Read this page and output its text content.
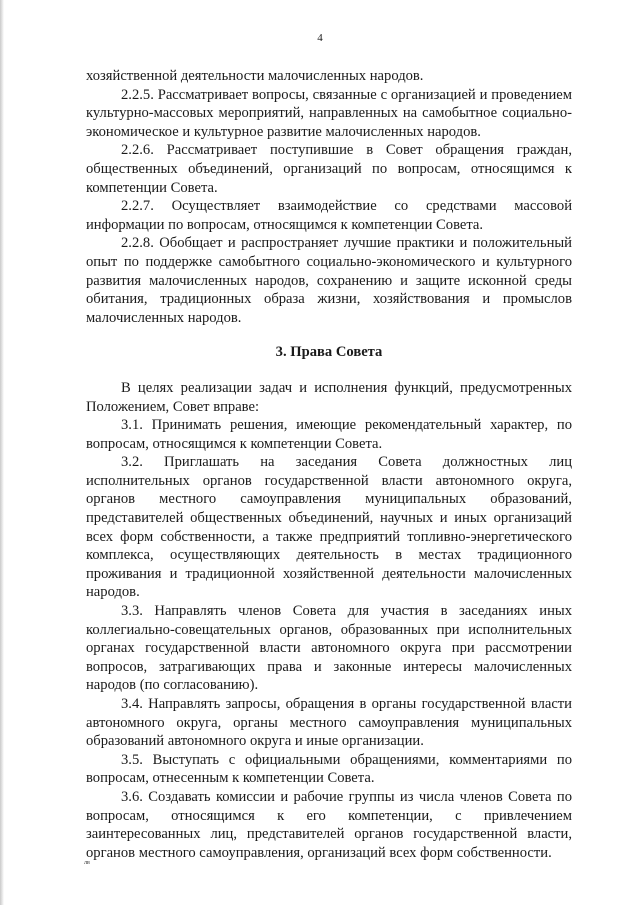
4

хозяйственной деятельности малочисленных народов.

2.2.5. Рассматривает вопросы, связанные с организацией и проведением культурно-массовых мероприятий, направленных на самобытное социально-экономическое и культурное развитие малочисленных народов.

2.2.6. Рассматривает поступившие в Совет обращения граждан, общественных объединений, организаций по вопросам, относящимся к компетенции Совета.

2.2.7. Осуществляет взаимодействие со средствами массовой информации по вопросам, относящимся к компетенции Совета.

2.2.8. Обобщает и распространяет лучшие практики и положительный опыт по поддержке самобытного социально-экономического и культурного развития малочисленных народов, сохранению и защите исконной среды обитания, традиционных образа жизни, хозяйствования и промыслов малочисленных народов.

3. Права Совета

В целях реализации задач и исполнения функций, предусмотренных Положением, Совет вправе:

3.1. Принимать решения, имеющие рекомендательный характер, по вопросам, относящимся к компетенции Совета.

3.2. Приглашать на заседания Совета должностных лиц исполнительных органов государственной власти автономного округа, органов местного самоуправления муниципальных образований, представителей общественных объединений, научных и иных организаций всех форм собственности, а также предприятий топливно-энергетического комплекса, осуществляющих деятельность в местах традиционного проживания и традиционной хозяйственной деятельности малочисленных народов.

3.3. Направлять членов Совета для участия в заседаниях иных коллегиально-совещательных органов, образованных при исполнительных органах государственной власти автономного округа при рассмотрении вопросов, затрагивающих права и законные интересы малочисленных народов (по согласованию).

3.4. Направлять запросы, обращения в органы государственной власти автономного округа, органы местного самоуправления муниципальных образований автономного округа и иные организации.

3.5. Выступать с официальными обращениями, комментариями по вопросам, отнесенным к компетенции Совета.

3.6. Создавать комиссии и рабочие группы из числа членов Совета по вопросам, относящимся к его компетенции, с привлечением заинтересованных лиц, представителей органов государственной власти, органов местного самоуправления, организаций всех форм собственности.

лв
